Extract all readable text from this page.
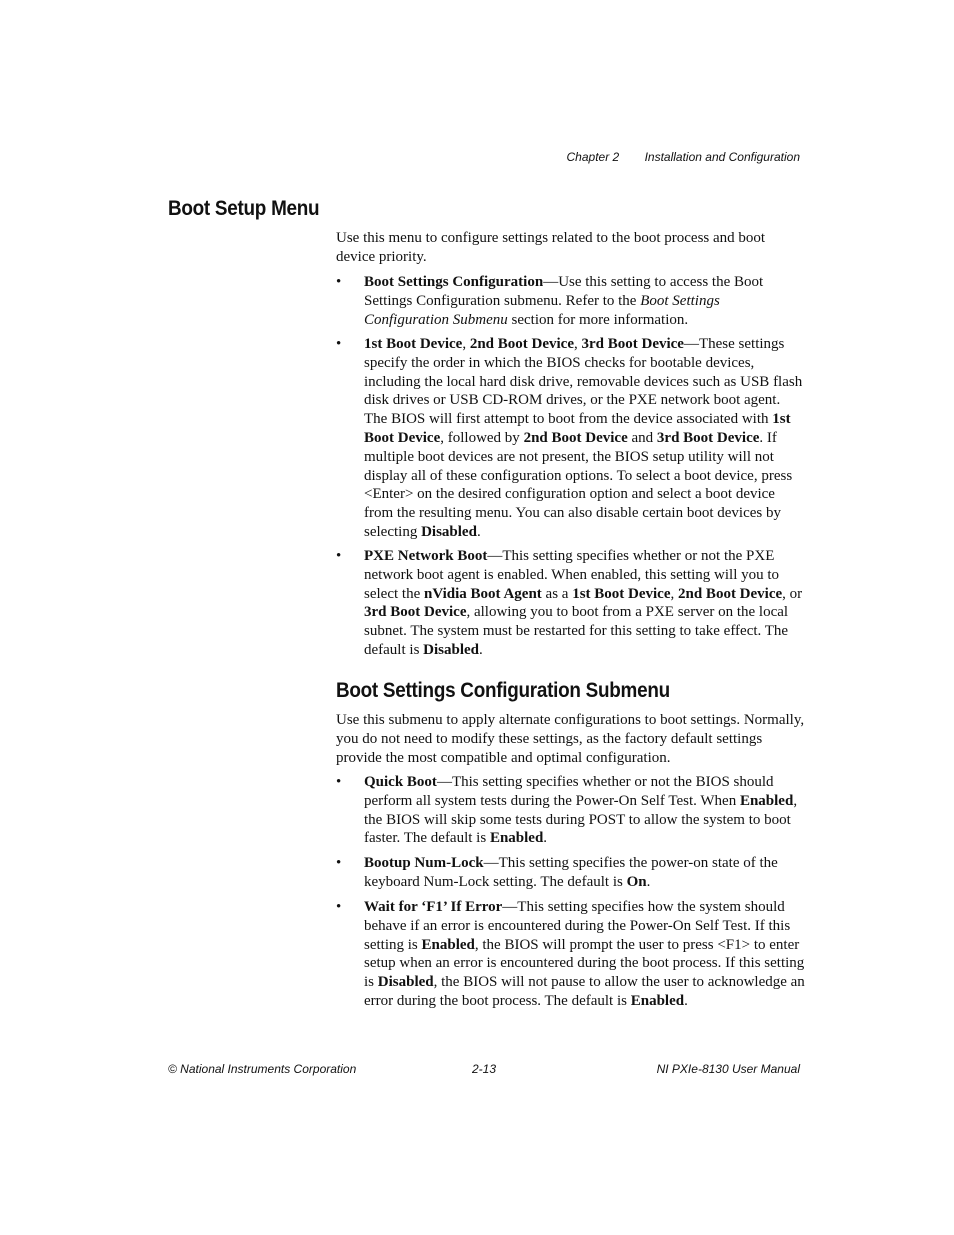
Chapter 2 Installation and Configuration
Boot Setup Menu

Use this menu to configure settings related to the boot process and boot device priority.

•	Boot Settings Configuration—Use this setting to access the Boot Settings Configuration submenu. Refer to the Boot Settings Configuration Submenu section for more information.
•	1st Boot Device, 2nd Boot Device, 3rd Boot Device—These settings specify the order in which the BIOS checks for bootable devices, including the local hard disk drive, removable devices such as USB flash disk drives or USB CD-ROM drives, or the PXE network boot agent. The BIOS will first attempt to boot from the device associated with 1st Boot Device, followed by 2nd Boot Device and 3rd Boot Device. If multiple boot devices are not present, the BIOS setup utility will not display all of these configuration options. To select a boot device, press <Enter> on the desired configuration option and select a boot device from the resulting menu. You can also disable certain boot devices by selecting Disabled.
•	PXE Network Boot—This setting specifies whether or not the PXE network boot agent is enabled. When enabled, this setting will you to select the nVidia Boot Agent as a 1st Boot Device, 2nd Boot Device, or 3rd Boot Device, allowing you to boot from a PXE server on the local subnet. The system must be restarted for this setting to take effect. The default is Disabled.
Boot Settings Configuration Submenu

Use this submenu to apply alternate configurations to boot settings. Normally, you do not need to modify these settings, as the factory default settings provide the most compatible and optimal configuration.

•	Quick Boot—This setting specifies whether or not the BIOS should perform all system tests during the Power-On Self Test. When Enabled, the BIOS will skip some tests during POST to allow the system to boot faster. The default is Enabled.
•	Bootup Num-Lock—This setting specifies the power-on state of the keyboard Num-Lock setting. The default is On.
•	Wait for ‘F1’ If Error—This setting specifies how the system should behave if an error is encountered during the Power-On Self Test. If this setting is Enabled, the BIOS will prompt the user to press <F1> to enter setup when an error is encountered during the boot process. If this setting is Disabled, the BIOS will not pause to allow the user to acknowledge an error during the boot process. The default is Enabled.
© National Instruments Corporation	2-13	NI PXIe-8130 User Manual
